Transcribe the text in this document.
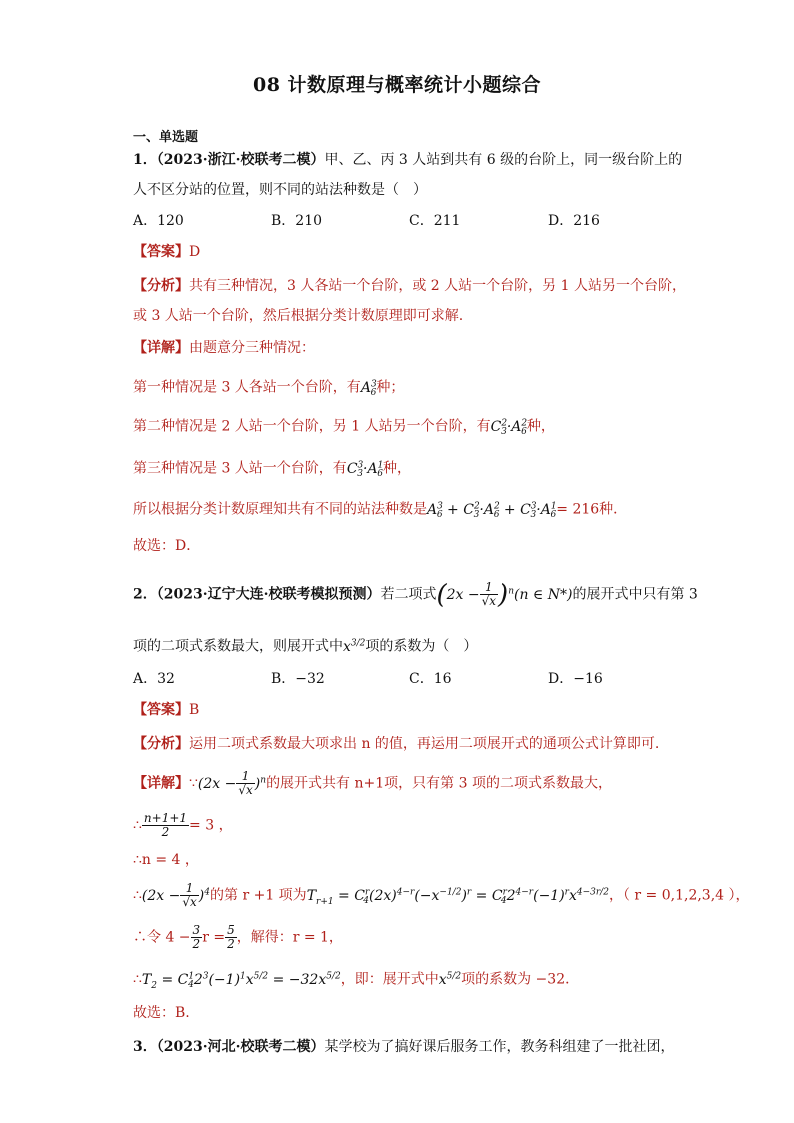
08 计数原理与概率统计小题综合
一、单选题
1．（2023·浙江·校联考二模）甲、乙、丙 3 人站到共有 6 级的台阶上，同一级台阶上的
人不区分站的位置，则不同的站法种数是（　）
A．120	B．210	C．211	D．216
【答案】D
【分析】共有三种情况，3 人各站一个台阶，或 2 人站一个台阶，另 1 人站另一个台阶，
或 3 人站一个台阶，然后根据分类计数原理即可求解.
【详解】由题意分三种情况：
第一种情况是 3 人各站一个台阶，有$A^3_6$种；
第二种情况是 2 人站一个台阶，另 1 人站另一个台阶，有$C^2_3\cdot A^2_6$种，
第三种情况是 3 人站一个台阶，有$C^3_3\cdot A^1_6$种，
所以根据分类计数原理知共有不同的站法种数是$A^3_6 + C^2_3\cdot A^2_6 + C^3_3\cdot A^1_6= 216$种．
故选：D．
2．（2023·辽宁大连·校联考模拟预测）若二项式$(2x - \frac{1}{√x} )^n(n$ ∈ N*)的展开式中只有第 3
项的二项式系数最大，则展开式中$x^{3/2}$项的系数为（　）
A．32	B．−32	C．16	D．−16
【答案】B
【分析】运用二项式系数最大项求出 n 的值，再运用二项展开式的通项公式计算即可.
【详解】∵(2x − $\frac{1}{√x} )^n$的展开式共有 n+1项，只有第 3 项的二项式系数最大，
∴ $\frac{n+1+1}{2} = 3$ ，
∴n = 4 ，
∴(2x − $\frac{1}{√x} )^4$的第 r +1 项为$T_{r+1} = C^r_4(2x)^{4-r}(-x^{-1/2})^r = C^r_42^{4-r}(-1)^rx^{4-3r/2}$，（ r = 0,1,2,3,4 ），
∴令 $4 - \frac{3}{2}$ $r = \frac{5}{2}$ ，解得：r = 1，
$\therefore T_2 = C^1_42^3(-1)^1x^{5/2} = -32x^{5/2}$，即：展开式中$x^{5/2}$项的系数为 −32．
故选：B.
3．（2023·河北·校联考二模）某学校为了搞好课后服务工作，教务科组建了一批社团，
